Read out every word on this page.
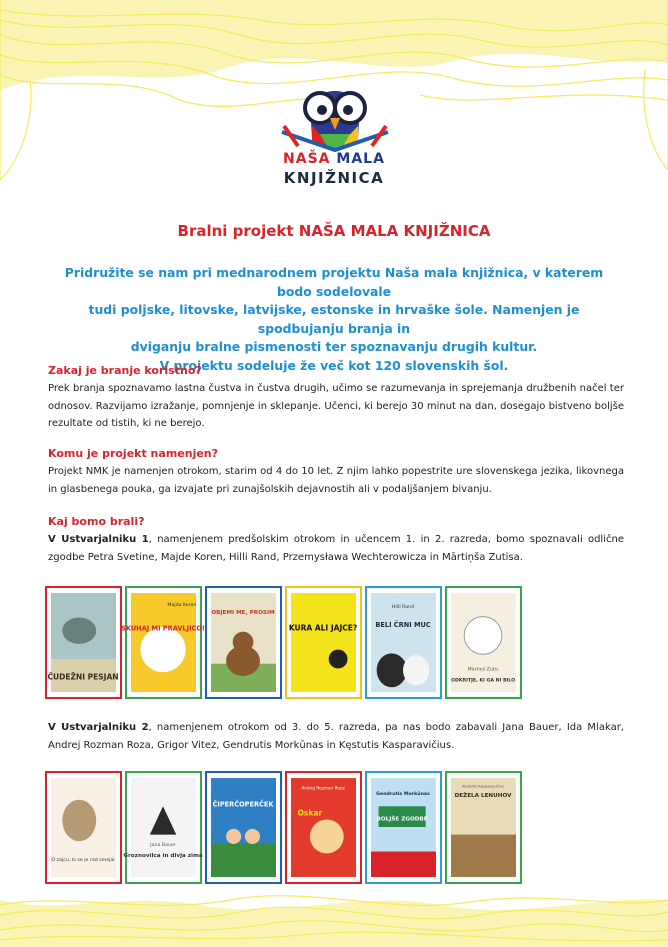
NAŠA MALA
KNJIŽNICA
Bralni projekt NAŠA MALA KNJIŽNICA
Pridružite se nam pri mednarodnem projektu Naša mala knjižnica, v katerem bodo sodelovale
tudi poljske, litovske, latvijske, estonske in hrvaške šole. Namenjen je spodbujanju branja in
dviganju bralne pismenosti ter spoznavanju drugih kultur.
V projektu sodeluje že več kot 120 slovenskih šol.
Zakaj je branje koristno?
Prek branja spoznavamo lastna čustva in čustva drugih, učimo se razumevanja in sprejemanja družbenih načel ter odnosov. Razvijamo izražanje, pomnjenje in sklepanje. Učenci, ki berejo 30 minut na dan, dosegajo bistveno boljše rezultate od tistih, ki ne berejo.
Komu je projekt namenjen?
Projekt NMK je namenjen otrokom, starim od 4 do 10 let. Z njim lahko popestrite ure slovenskega jezika, likovnega in glasbenega pouka, ga izvajate pri zunajšolskih dejavnostih ali v podaljšanjem bivanju.
Kaj bomo brali?
V Ustvarjalniku 1, namenjenem predšolskim otrokom in učencem 1. in 2. razreda, bomo spoznavali odlične zgodbe Petra Svetine, Majde Koren, Hilli Rand, Przemysława Wechterowicza in Mārtiņša Zutisa.
ČUDEŽNI PESJAN
Majda Koren
SKUHAJ MI PRAVLJICO!
OBJEMI ME, PROSIM
KURA ALI JAJCE?
Hilli Rand
BELI ČRNI MUC
Mārtiņš Zutis
ODKRITJE, KI GA NI BILO
V Ustvarjalniku 2, namenjenem otrokom od 3. do 5. razreda, pa nas bodo zabavali Jana Bauer, Ida Mlakar, Andrej Rozman Roza, Grigor Vitez, Gendrutis Morkūnas in Kęstutis Kasparavičius.
O zajcu, ki se je rad smejal
Jana Bauer
Groznovilca in divja zima
ČIPERČOPERČEK
Andrej Rozman Roza
Oskar
Gendrutis Morkūnas
BOLJŠE ZGODBE
Kęstutis Kasparavičius
DEŽELA LENUHOV
